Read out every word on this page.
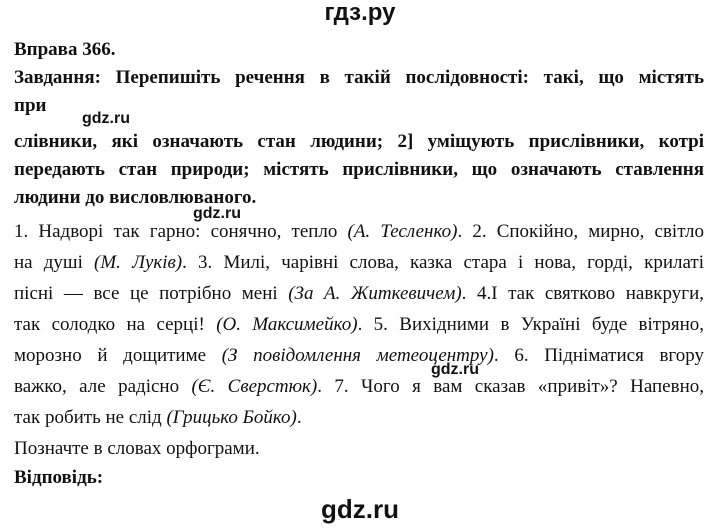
гдз.ру
Вправа 366.
Завдання: Перепишіть речення в такій послідовності: такі, що містять
при
gdz.ru
слівники, які означають стан людини; 2] уміщують прислівники, котрі
передають стан природи; містять прислівники, що означають ставлення
людини до висловлюваного.
gdz.ru
1. Надворі так гарно: сонячно, тепло (А. Тесленко). 2. Спокійно, мирно, світло
на душі (М. Луків). 3. Милі, чарівні слова, казка стара і нова, горді, крилаті
пісні — все це потрібно мені (За А. Житкевичем). 4.І так святково навкруги,
так солодко на серці! (О. Максимейко). 5. Вихідними в Україні буде вітряно,
морозно й дощитиме (З повідомлення метеоцентру). 6. Підніматися вгору
gdz.ru
важко, але радісно (Є. Сверстюк). 7. Чого я вам сказав «привіт»? Напевно,
так робить не слід (Грицько Бойко).
Позначте в словах орфограми.
Відповідь:
gdz.ru
